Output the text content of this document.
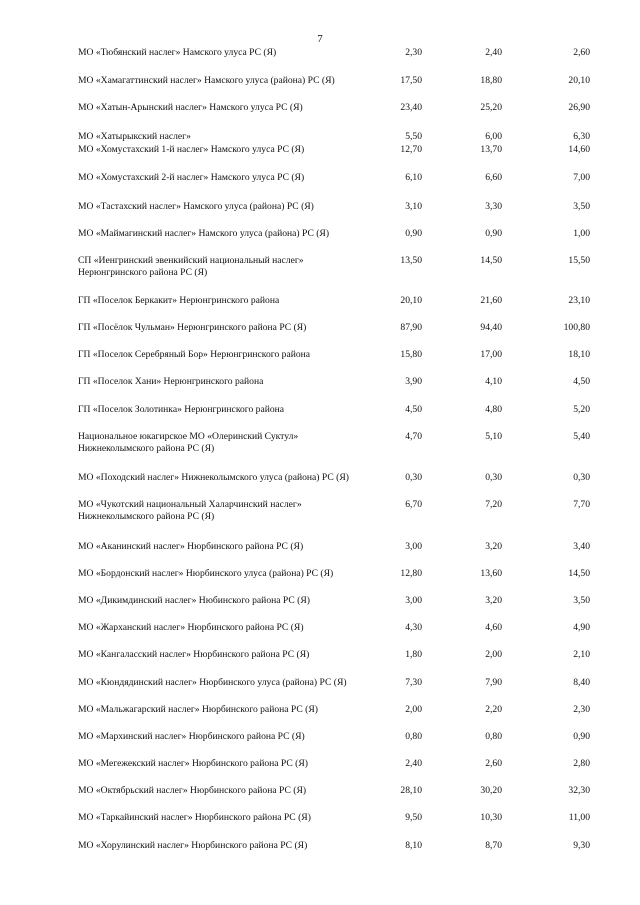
7
МО «Тюбянский наслег» Намского улуса РС (Я)	2,30	2,40	2,60
МО «Хамагаттинский наслег» Намского улуса (района) РС (Я)	17,50	18,80	20,10
МО «Хатын-Арынский наслег» Намского улуса РС (Я)	23,40	25,20	26,90
МО «Хатырыкский наслег»	5,50	6,00	6,30
МО «Хомустахский 1-й наслег» Намского улуса РС (Я)	12,70	13,70	14,60
МО «Хомустахский 2-й наслег» Намского улуса РС (Я)	6,10	6,60	7,00
МО «Тастахский наслег» Намского улуса (района) РС (Я)	3,10	3,30	3,50
МО «Маймагинский наслег» Намского улуса (района) РС (Я)	0,90	0,90	1,00
СП «Иенгринский эвенкийский национальный наслег» Нерюнгринского района РС (Я)
13,50	14,50	15,50
ГП «Поселок Беркакит» Нерюнгринского района	20,10	21,60	23,10
ГП «Посёлок Чульман» Нерюнгринского района РС (Я)	87,90	94,40	100,80
ГП «Поселок Серебряный Бор» Нерюнгринского района	15,80	17,00	18,10
ГП «Поселок Хани» Нерюнгринского района	3,90	4,10	4,50
ГП «Поселок Золотинка» Нерюнгринского района	4,50	4,80	5,20
Национальное юкагирское МО «Олеринский Суктул» Нижнеколымского района РС (Я)
4,70	5,10	5,40
МО «Походский наслег» Нижнеколымского улуса (района) РС (Я)	0,30	0,30	0,30
МО «Чукотский национальный Халарчинский наслег» Нижнеколымского района РС (Я)
6,70	7,20	7,70
МО «Аканинский наслег» Нюрбинского района РС (Я)	3,00	3,20	3,40
МО «Бордонский наслег» Нюрбинского улуса (района) РС (Я)	12,80	13,60	14,50
МО «Дикимдинский наслег» Нюбинского района РС (Я)	3,00	3,20	3,50
МО «Жарханский наслег» Нюрбинского района РС (Я)	4,30	4,60	4,90
МО «Кангаласский наслег» Нюрбинского района РС (Я)	1,80	2,00	2,10
МО «Кюндядинский наслег» Нюрбинского улуса (района) РС (Я)	7,30	7,90	8,40
МО «Мальжагарский наслег» Нюрбинского района РС (Я)	2,00	2,20	2,30
МО «Мархинский наслег» Нюрбинского района РС (Я)	0,80	0,80	0,90
МО «Мегежекский наслег» Нюрбинского района РС (Я)	2,40	2,60	2,80
МО «Октябрьский наслег» Нюрбинского района РС (Я)	28,10	30,20	32,30
МО «Таркайинский наслег» Нюрбинского района РС (Я)	9,50	10,30	11,00
МО «Хорулинский наслег» Нюрбинского района РС (Я)	8,10	8,70	9,30
